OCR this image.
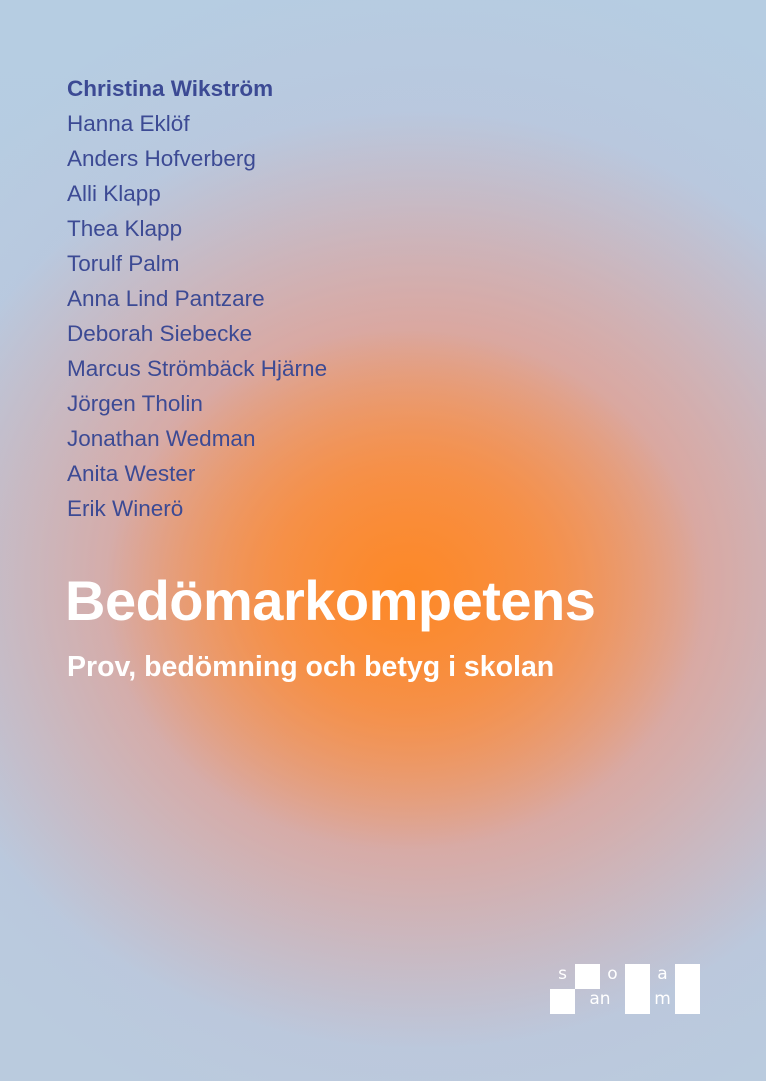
Christina Wikström
Hanna Eklöf
Anders Hofverberg
Alli Klapp
Thea Klapp
Torulf Palm
Anna Lind Pantzare
Deborah Siebecke
Marcus Strömbäck Hjärne
Jörgen Tholin
Jonathan Wedman
Anita Wester
Erik Winerö
Bedömarkompetens
Prov, bedömning och betyg i skolan
s	o	a
an	m
